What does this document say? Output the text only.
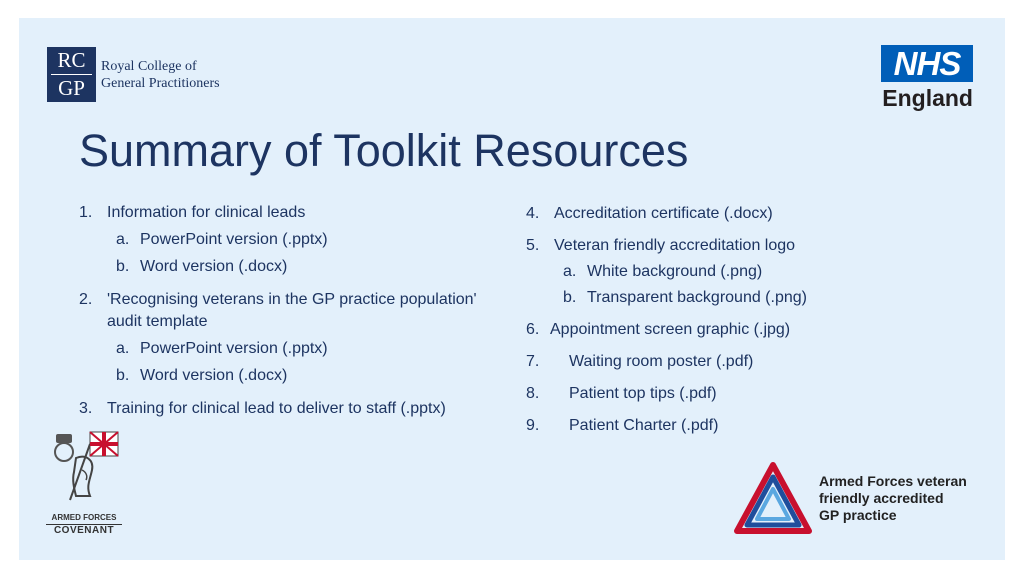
RC
GP
Royal College of
General Practitioners
NHS
England
Summary of Toolkit Resources
1. Information for clinical leads
a. PowerPoint version (.pptx)
b. Word version (.docx)
2. 'Recognising veterans in the GP practice population'
audit template
a. PowerPoint version (.pptx)
b. Word version (.docx)
3. Training for clinical lead to deliver to staff (.pptx)
4. Accreditation certificate (.docx)
5. Veteran friendly accreditation logo
a. White background (.png)
b. Transparent background (.png)
6. Appointment screen graphic (.jpg)
7. Waiting room poster (.pdf)
8. Patient top tips (.pdf)
9. Patient Charter (.pdf)
ARMED FORCES
COVENANT
Armed Forces veteran
friendly accredited
GP practice
